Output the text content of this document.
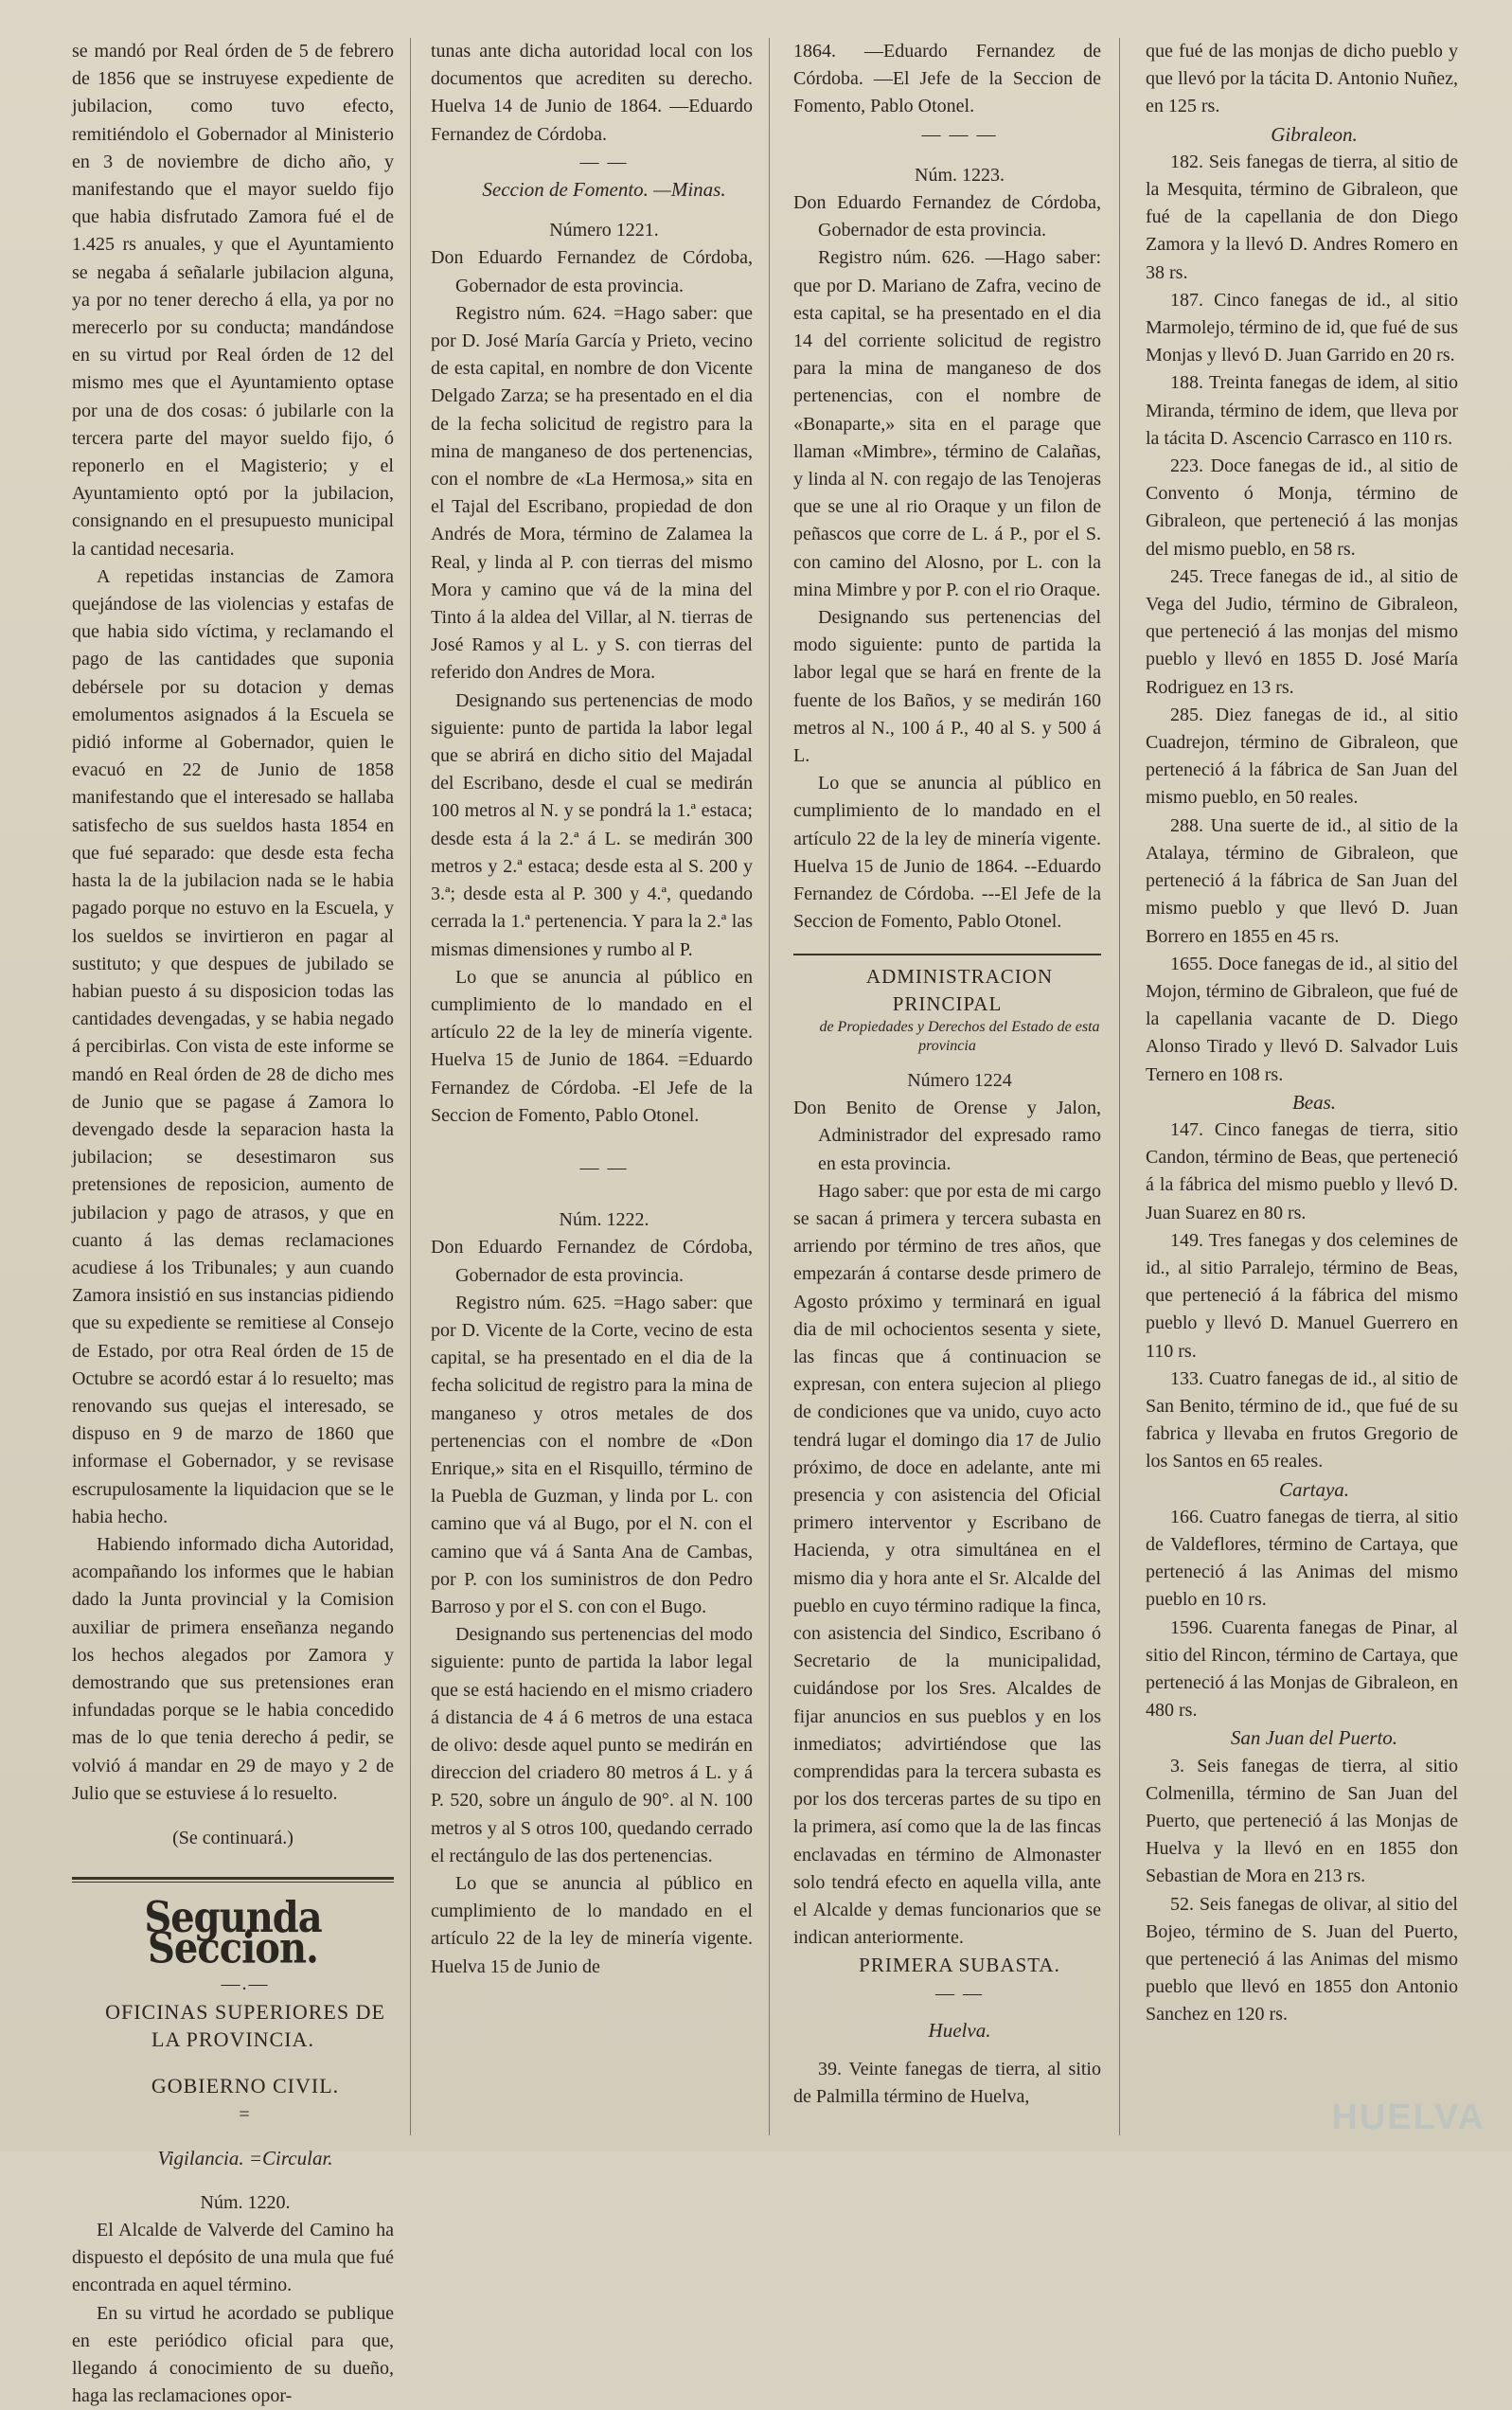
se mandó por Real órden de 5 de febrero de 1856 que se instruyese expediente de jubilacion, como tuvo efecto, remitiéndolo el Gobernador al Ministerio en 3 de noviembre de dicho año, y manifestando que el mayor sueldo fijo que habia disfrutado Zamora fué el de 1.425 rs anuales, y que el Ayuntamiento se negaba á señalarle jubilacion alguna, ya por no tener derecho á ella, ya por no merecerlo por su conducta; mandándose en su virtud por Real órden de 12 del mismo mes que el Ayuntamiento optase por una de dos cosas: ó jubilarle con la tercera parte del mayor sueldo fijo, ó reponerlo en el Magisterio; y el Ayuntamiento optó por la jubilacion, consignando en el presupuesto municipal la cantidad necesaria.

A repetidas instancias de Zamora quejándose de las violencias y estafas de que habia sido víctima, y reclamando el pago de las cantidades que suponia debérsele por su dotacion y demas emolumentos asignados á la Escuela se pidió informe al Gobernador, quien le evacuó en 22 de Junio de 1858 manifestando que el interesado se hallaba satisfecho de sus sueldos hasta 1854 en que fué separado: que desde esta fecha hasta la de la jubilacion nada se le habia pagado porque no estuvo en la Escuela, y los sueldos se invirtieron en pagar al sustituto; y que despues de jubilado se habian puesto á su disposicion todas las cantidades devengadas, y se habia negado á percibirlas. Con vista de este informe se mandó en Real órden de 28 de dicho mes de Junio que se pagase á Zamora lo devengado desde la separacion hasta la jubilacion; se desestimaron sus pretensiones de reposicion, aumento de jubilacion y pago de atrasos, y que en cuanto á las demas reclamaciones acudiese á los Tribunales; y aun cuando Zamora insistió en sus instancias pidiendo que su expediente se remitiese al Consejo de Estado, por otra Real órden de 15 de Octubre se acordó estar á lo resuelto; mas renovando sus quejas el interesado, se dispuso en 9 de marzo de 1860 que informase el Gobernador, y se revisase escrupulosamente la liquidacion que se le habia hecho.

Habiendo informado dicha Autoridad, acompañando los informes que le habian dado la Junta provincial y la Comision auxiliar de primera enseñanza negando los hechos alegados por Zamora y demostrando que sus pretensiones eran infundadas porque se le habia concedido mas de lo que tenia derecho á pedir, se volvió á mandar en 29 de mayo y 2 de Julio que se estuviese á lo resuelto.

(Se continuará.)

Segunda Seccion.

—.—

OFICINAS SUPERIORES DE LA PROVINCIA.

GOBIERNO CIVIL.

=

Vigilancia. =Circular.

Núm. 1220.

El Alcalde de Valverde del Camino ha dispuesto el depósito de una mula que fué encontrada en aquel término.

En su virtud he acordado se publique en este periódico oficial para que, llegando á conocimiento de su dueño, haga las reclamaciones opor-

tunas ante dicha autoridad local con los documentos que acrediten su derecho. Huelva 14 de Junio de 1864. —Eduardo Fernandez de Córdoba.

— —

Seccion de Fomento. —Minas.

Número 1221.

Don Eduardo Fernandez de Córdoba, Gobernador de esta provincia.

Registro núm. 624. =Hago saber: que por D. José María García y Prieto, vecino de esta capital, en nombre de don Vicente Delgado Zarza; se ha presentado en el dia de la fecha solicitud de registro para la mina de manganeso de dos pertenencias, con el nombre de «La Hermosa,» sita en el Tajal del Escribano, propiedad de don Andrés de Mora, término de Zalamea la Real, y linda al P. con tierras del mismo Mora y camino que vá de la mina del Tinto á la aldea del Villar, al N. tierras de José Ramos y al L. y S. con tierras del referido don Andres de Mora.

Designando sus pertenencias de modo siguiente: punto de partida la labor legal que se abrirá en dicho sitio del Majadal del Escribano, desde el cual se medirán 100 metros al N. y se pondrá la 1.ª estaca; desde esta á la 2.ª á L. se medirán 300 metros y 2.ª estaca; desde esta al S. 200 y 3.ª; desde esta al P. 300 y 4.ª, quedando cerrada la 1.ª pertenencia. Y para la 2.ª las mismas dimensiones y rumbo al P.

Lo que se anuncia al público en cumplimiento de lo mandado en el artículo 22 de la ley de minería vigente. Huelva 15 de Junio de 1864. =Eduardo Fernandez de Córdoba. -El Jefe de la Seccion de Fomento, Pablo Otonel.

— —

Núm. 1222.

Don Eduardo Fernandez de Córdoba, Gobernador de esta provincia.

Registro núm. 625. =Hago saber: que por D. Vicente de la Corte, vecino de esta capital, se ha presentado en el dia de la fecha solicitud de registro para la mina de manganeso y otros metales de dos pertenencias con el nombre de «Don Enrique,» sita en el Risquillo, término de la Puebla de Guzman, y linda por L. con camino que vá al Bugo, por el N. con el camino que vá á Santa Ana de Cambas, por P. con los suministros de don Pedro Barroso y por el S. con con el Bugo.

Designando sus pertenencias del modo siguiente: punto de partida la labor legal que se está haciendo en el mismo criadero á distancia de 4 á 6 metros de una estaca de olivo: desde aquel punto se medirán en direccion del criadero 80 metros á L. y á P. 520, sobre un ángulo de 90°. al N. 100 metros y al S otros 100, quedando cerrado el rectángulo de las dos pertenencias.

Lo que se anuncia al público en cumplimiento de lo mandado en el artículo 22 de la ley de minería vigente. Huelva 15 de Junio de

1864. —Eduardo Fernandez de Córdoba. —El Jefe de la Seccion de Fomento, Pablo Otonel.

— — —

Núm. 1223.

Don Eduardo Fernandez de Córdoba, Gobernador de esta provincia.

Registro núm. 626. —Hago saber: que por D. Mariano de Zafra, vecino de esta capital, se ha presentado en el dia 14 del corriente solicitud de registro para la mina de manganeso de dos pertenencias, con el nombre de «Bonaparte,» sita en el parage que llaman «Mimbre», término de Calañas, y linda al N. con regajo de las Tenojeras que se une al rio Oraque y un filon de peñascos que corre de L. á P., por el S. con camino del Alosno, por L. con la mina Mimbre y por P. con el rio Oraque.

Designando sus pertenencias del modo siguiente: punto de partida la labor legal que se hará en frente de la fuente de los Baños, y se medirán 160 metros al N., 100 á P., 40 al S. y 500 á L.

Lo que se anuncia al público en cumplimiento de lo mandado en el artículo 22 de la ley de minería vigente. Huelva 15 de Junio de 1864. --Eduardo Fernandez de Córdoba. ---El Jefe de la Seccion de Fomento, Pablo Otonel.

ADMINISTRACION PRINCIPAL

de Propiedades y Derechos del Estado de esta provincia

Número 1224

Don Benito de Orense y Jalon, Administrador del expresado ramo en esta provincia.

Hago saber: que por esta de mi cargo se sacan á primera y tercera subasta en arriendo por término de tres años, que empezarán á contarse desde primero de Agosto próximo y terminará en igual dia de mil ochocientos sesenta y siete, las fincas que á continuacion se expresan, con entera sujecion al pliego de condiciones que va unido, cuyo acto tendrá lugar el domingo dia 17 de Julio próximo, de doce en adelante, ante mi presencia y con asistencia del Oficial primero interventor y Escribano de Hacienda, y otra simultánea en el mismo dia y hora ante el Sr. Alcalde del pueblo en cuyo término radique la finca, con asistencia del Sindico, Escribano ó Secretario de la municipalidad, cuidándose por los Sres. Alcaldes de fijar anuncios en sus pueblos y en los inmediatos; advirtiéndose que las comprendidas para la tercera subasta es por los dos terceras partes de su tipo en la primera, así como que la de las fincas enclavadas en término de Almonaster solo tendrá efecto en aquella villa, ante el Alcalde y demas funcionarios que se indican anteriormente.

PRIMERA SUBASTA.

— —

Huelva.

39. Veinte fanegas de tierra, al sitio de Palmilla término de Huelva,

que fué de las monjas de dicho pueblo y que llevó por la tácita D. Antonio Nuñez, en 125 rs.

Gibraleon.

182. Seis fanegas de tierra, al sitio de la Mesquita, término de Gibraleon, que fué de la capellania de don Diego Zamora y la llevó D. Andres Romero en 38 rs.

187. Cinco fanegas de id., al sitio Marmolejo, término de id, que fué de sus Monjas y llevó D. Juan Garrido en 20 rs.

188. Treinta fanegas de idem, al sitio Miranda, término de idem, que lleva por la tácita D. Ascencio Carrasco en 110 rs.

223. Doce fanegas de id., al sitio de Convento ó Monja, término de Gibraleon, que perteneció á las monjas del mismo pueblo, en 58 rs.

245. Trece fanegas de id., al sitio de Vega del Judio, término de Gibraleon, que perteneció á las monjas del mismo pueblo y llevó en 1855 D. José María Rodriguez en 13 rs.

285. Diez fanegas de id., al sitio Cuadrejon, término de Gibraleon, que perteneció á la fábrica de San Juan del mismo pueblo, en 50 reales.

288. Una suerte de id., al sitio de la Atalaya, término de Gibraleon, que perteneció á la fábrica de San Juan del mismo pueblo y que llevó D. Juan Borrero en 1855 en 45 rs.

1655. Doce fanegas de id., al sitio del Mojon, término de Gibraleon, que fué de la capellania vacante de D. Diego Alonso Tirado y llevó D. Salvador Luis Ternero en 108 rs.

Beas.

147. Cinco fanegas de tierra, sitio Candon, término de Beas, que perteneció á la fábrica del mismo pueblo y llevó D. Juan Suarez en 80 rs.

149. Tres fanegas y dos celemines de id., al sitio Parralejo, término de Beas, que perteneció á la fábrica del mismo pueblo y llevó D. Manuel Guerrero en 110 rs.

133. Cuatro fanegas de id., al sitio de San Benito, término de id., que fué de su fabrica y llevaba en frutos Gregorio de los Santos en 65 reales.

Cartaya.

166. Cuatro fanegas de tierra, al sitio de Valdeflores, término de Cartaya, que perteneció á las Animas del mismo pueblo en 10 rs.

1596. Cuarenta fanegas de Pinar, al sitio del Rincon, término de Cartaya, que perteneció á las Monjas de Gibraleon, en 480 rs.

San Juan del Puerto.

3. Seis fanegas de tierra, al sitio Colmenilla, término de San Juan del Puerto, que perteneció á las Monjas de Huelva y la llevó en en 1855 don Sebastian de Mora en 213 rs.

52. Seis fanegas de olivar, al sitio del Bojeo, término de S. Juan del Puerto, que perteneció á las Animas del mismo pueblo que llevó en 1855 don Antonio Sanchez en 120 rs.

HUELVA
